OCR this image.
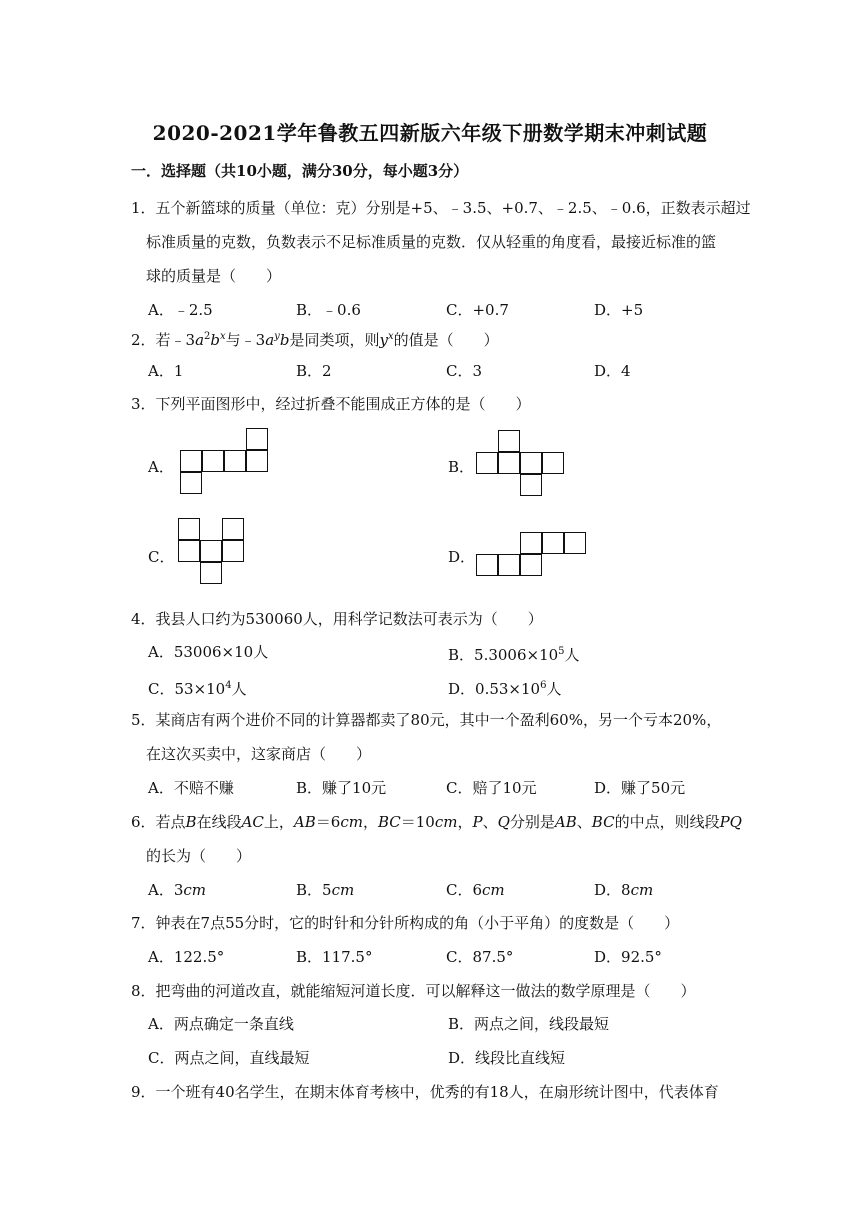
2020-2021学年鲁教五四新版六年级下册数学期末冲刺试题
一．选择题（共10小题，满分30分，每小题3分）
1．五个新篮球的质量（单位：克）分别是+5、﹣3.5、+0.7、﹣2.5、﹣0.6，正数表示超过
标准质量的克数，负数表示不足标准质量的克数．仅从轻重的角度看，最接近标准的篮
球的质量是（　　）
A．﹣2.5	B．﹣0.6	C．+0.7	D．+5
2．若$﹣3a^2b^x$与$﹣3a^yb$是同类项，则$y^x$的值是（　　）
A．1	B．2	C．3	D．4
3．下列平面图形中，经过折叠不能围成正方体的是（　　）
A．	B．
C．	D．
4．我县人口约为530060人，用科学记数法可表示为（　　）
A．53006×10人	B．$5.3006\times 10^5$人
C．$53\times 10^4$人	D．$0.53\times 10^6$人
5．某商店有两个进价不同的计算器都卖了80元，其中一个盈利60%，另一个亏本20%，
在这次买卖中，这家商店（　　）
A．不赔不赚	B．赚了10元	C．赔了10元	D．赚了50元
6．若点B在线段AC上，AB＝6cm，BC＝10cm，P、Q分别是AB、BC的中点，则线段PQ
的长为（　　）
A．3cm	B．5cm	C．6cm	D．8cm
7．钟表在7点55分时，它的时针和分针所构成的角（小于平角）的度数是（　　）
A．122.5°	B．117.5°	C．87.5°	D．92.5°
8．把弯曲的河道改直，就能缩短河道长度．可以解释这一做法的数学原理是（　　）
A．两点确定一条直线	B．两点之间，线段最短
C．两点之间，直线最短	D．线段比直线短
9．一个班有40名学生，在期末体育考核中，优秀的有18人，在扇形统计图中，代表体育
